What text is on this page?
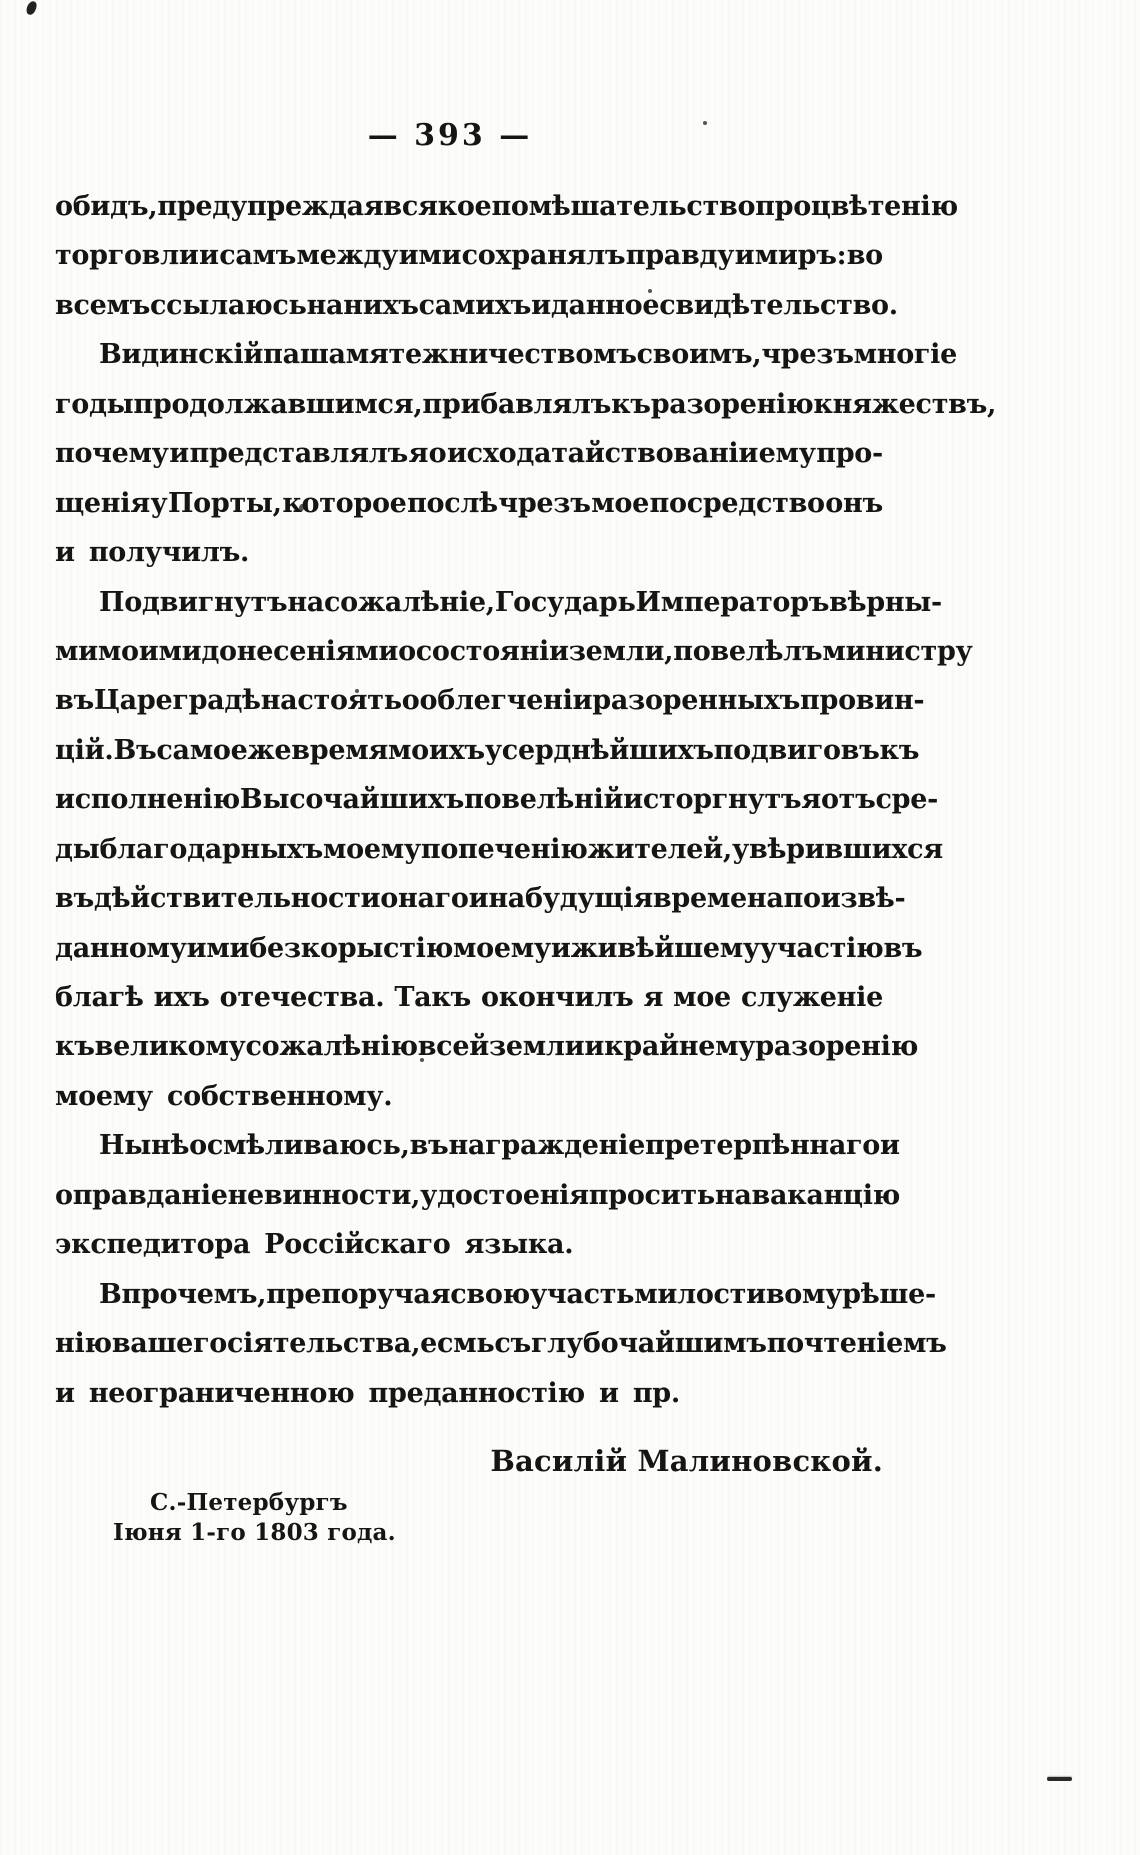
— 393 —
обидъ, предупреждая всякое помѣшательство процвѣтенію
торговли и самъ между ими сохранялъ правду и миръ: во
всемъ ссылаюсь на нихъ самихъ и данное свидѣтельство.
Видинскій паша мятежничествомъ своимъ, чрезъ многіе
годы продолжавшимся, прибавлялъ къ разоренію княжествъ,
почему и представлялъ я о исходатайствованіи ему про-
щенія у Порты, которое послѣ чрезъ мое посредство онъ
и получилъ.
Подвигнутъ на сожалѣніе, Государь Императоръ вѣрны-
ми моими донесеніями о состояніи земли, повелѣлъ министру
въ Цареградѣ настоять о облегченіи разоренныхъ провин-
цій. Въ самое же время моихъ усерднѣйшихъ подвиговъ къ
исполненію Высочайшихъ повелѣній исторгнутъ я отъ сре-
ды благодарныхъ моему попеченію жителей, увѣрившихся
въ дѣйствительности онаго и на будущія времена по извѣ-
данному ими безкорыстію моему и живѣйшему участію въ
благѣ ихъ отечества. Такъ окончилъ я мое служеніе
къ великому сожалѣнію всей земли и крайнему разоренію
моему собственному.
Нынѣ осмѣливаюсь, въ награжденіе претерпѣннаго и
оправданіе невинности, удостоенія просить на ваканцію
экспедитора Россійскаго языка.
Впрочемъ, препоручая свою участь милостивому рѣше-
нію вашего сіятельства, есмь съ глубочайшимъ почтеніемъ
и неограниченною преданностію и пр.
Василій Малиновской.
С.-Петербургъ
Іюня 1-го 1803 года.
